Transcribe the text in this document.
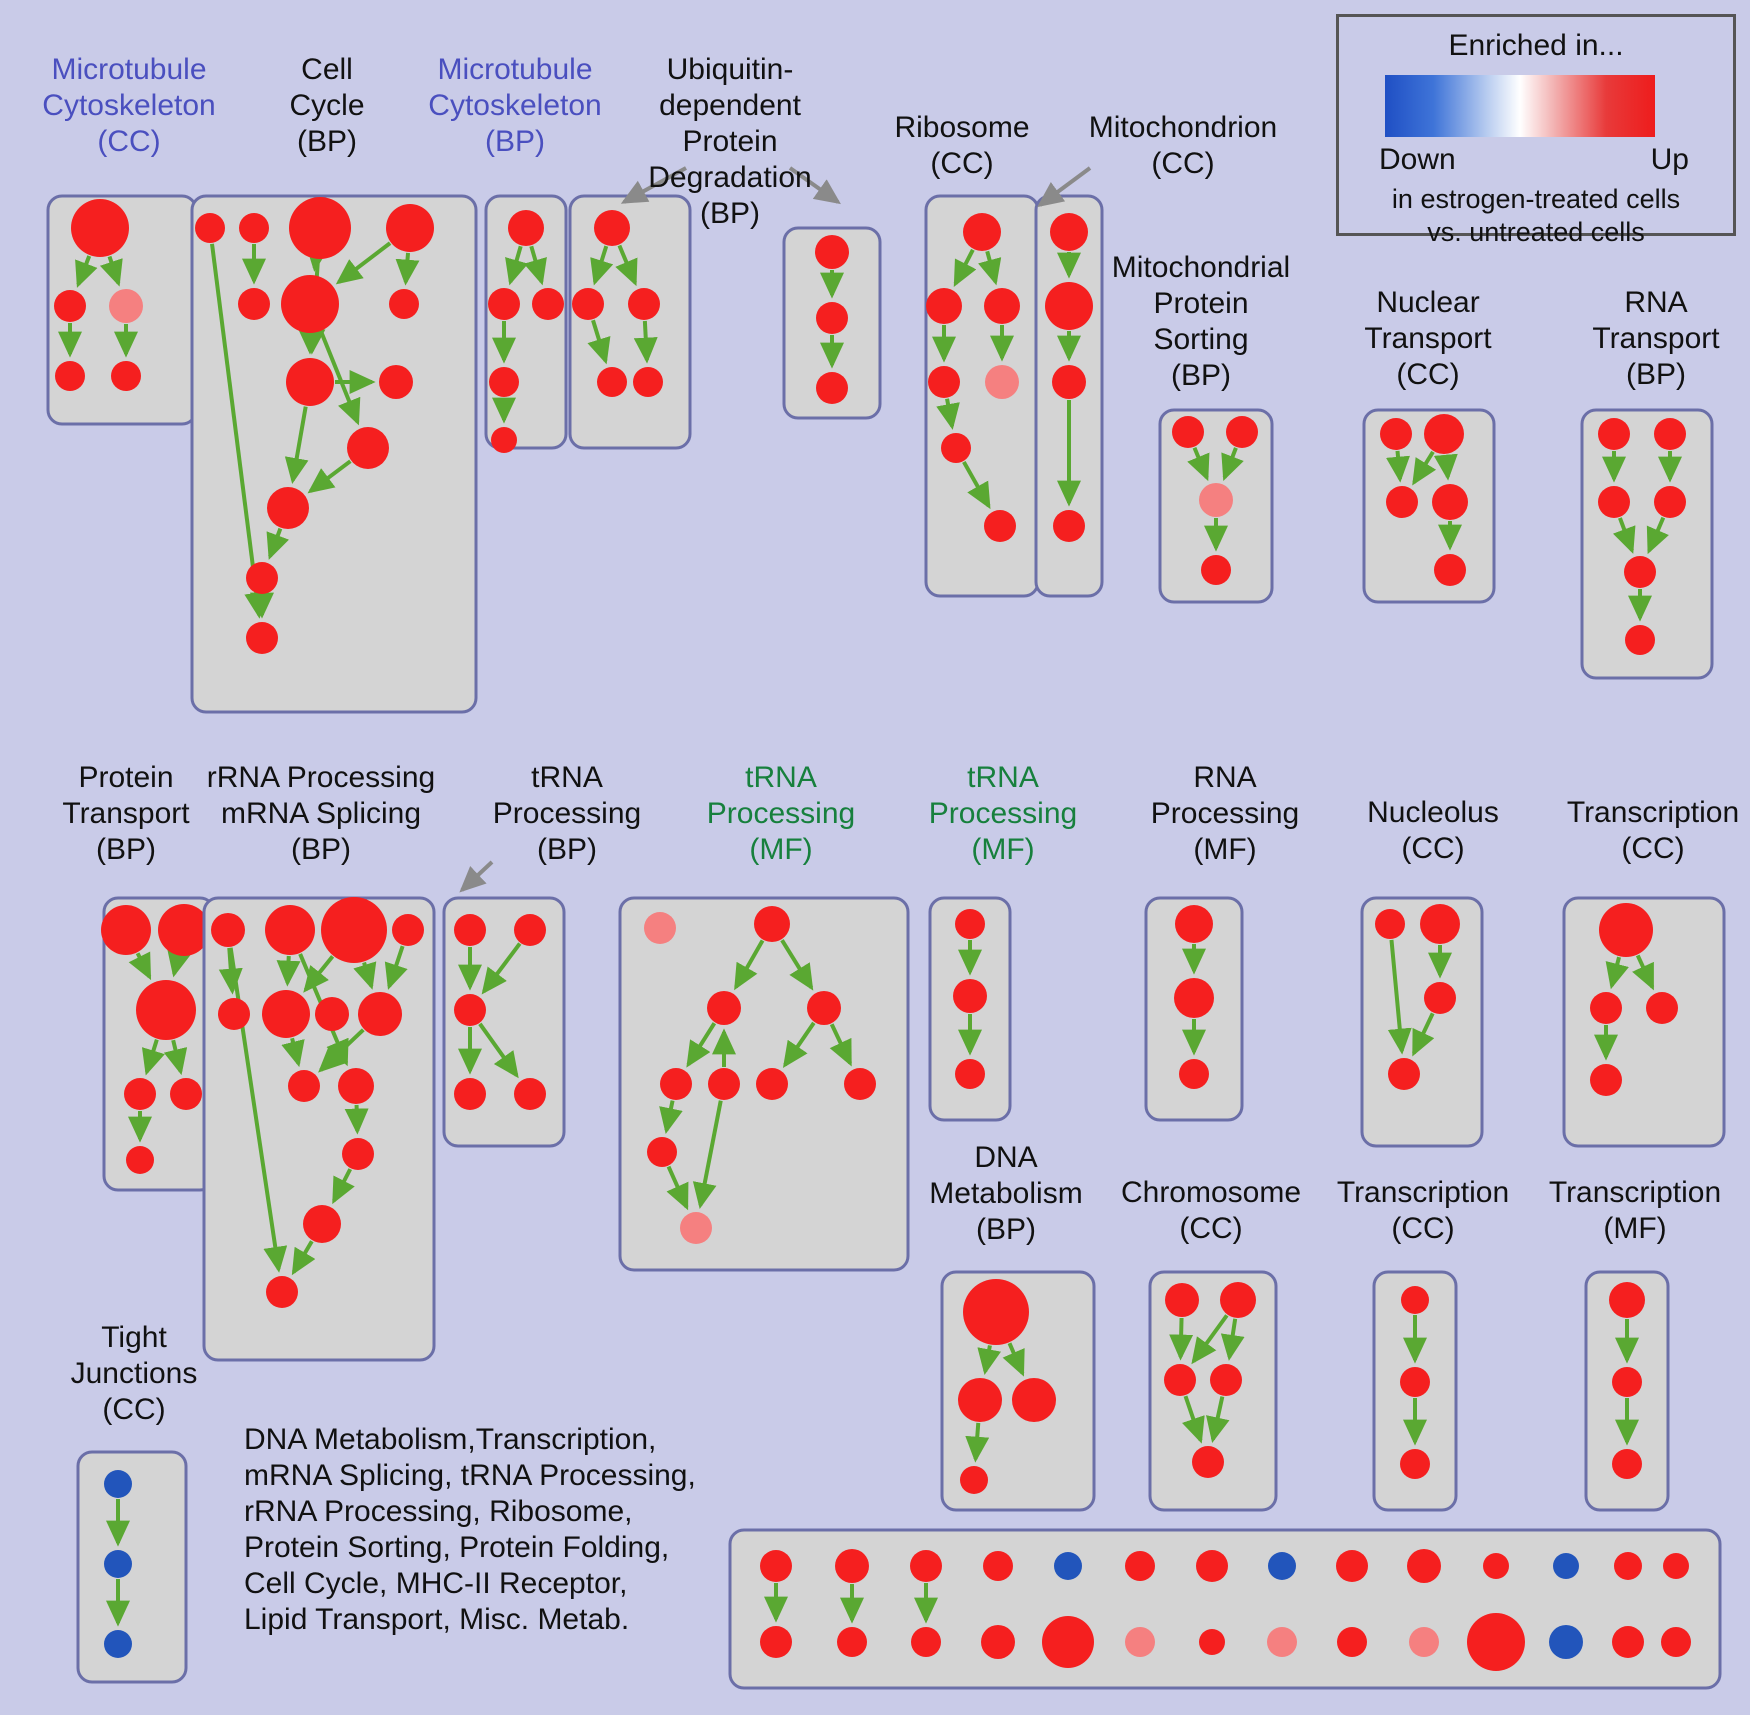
Microtubule
Cytoskeleton
(CC)
Cell
Cycle
(BP)
Microtubule
Cytoskeleton
(BP)
Ubiquitin-
dependent
Protein
Degradation
(BP)
Ribosome
(CC)
Mitochondrion
(CC)
Mitochondrial
Protein
Sorting
(BP)
Nuclear
Transport
(CC)
RNA
Transport
(BP)
Protein
Transport
(BP)
rRNA Processing
mRNA Splicing
(BP)
tRNA
Processing
(BP)
tRNA
Processing
(MF)
tRNA
Processing
(MF)
RNA
Processing
(MF)
Nucleolus
(CC)
Transcription
(CC)
DNA
Metabolism
(BP)
Chromosome
(CC)
Transcription
(CC)
Transcription
(MF)
Tight
Junctions
(CC)
DNA Metabolism,Transcription,
mRNA Splicing, tRNA Processing,
rRNA Processing, Ribosome,
Protein Sorting, Protein Folding,
Cell Cycle, MHC-II Receptor,
Lipid Transport, Misc. Metab.
Enriched in...
Down	Up
in estrogen-treated cells
vs. untreated cells
